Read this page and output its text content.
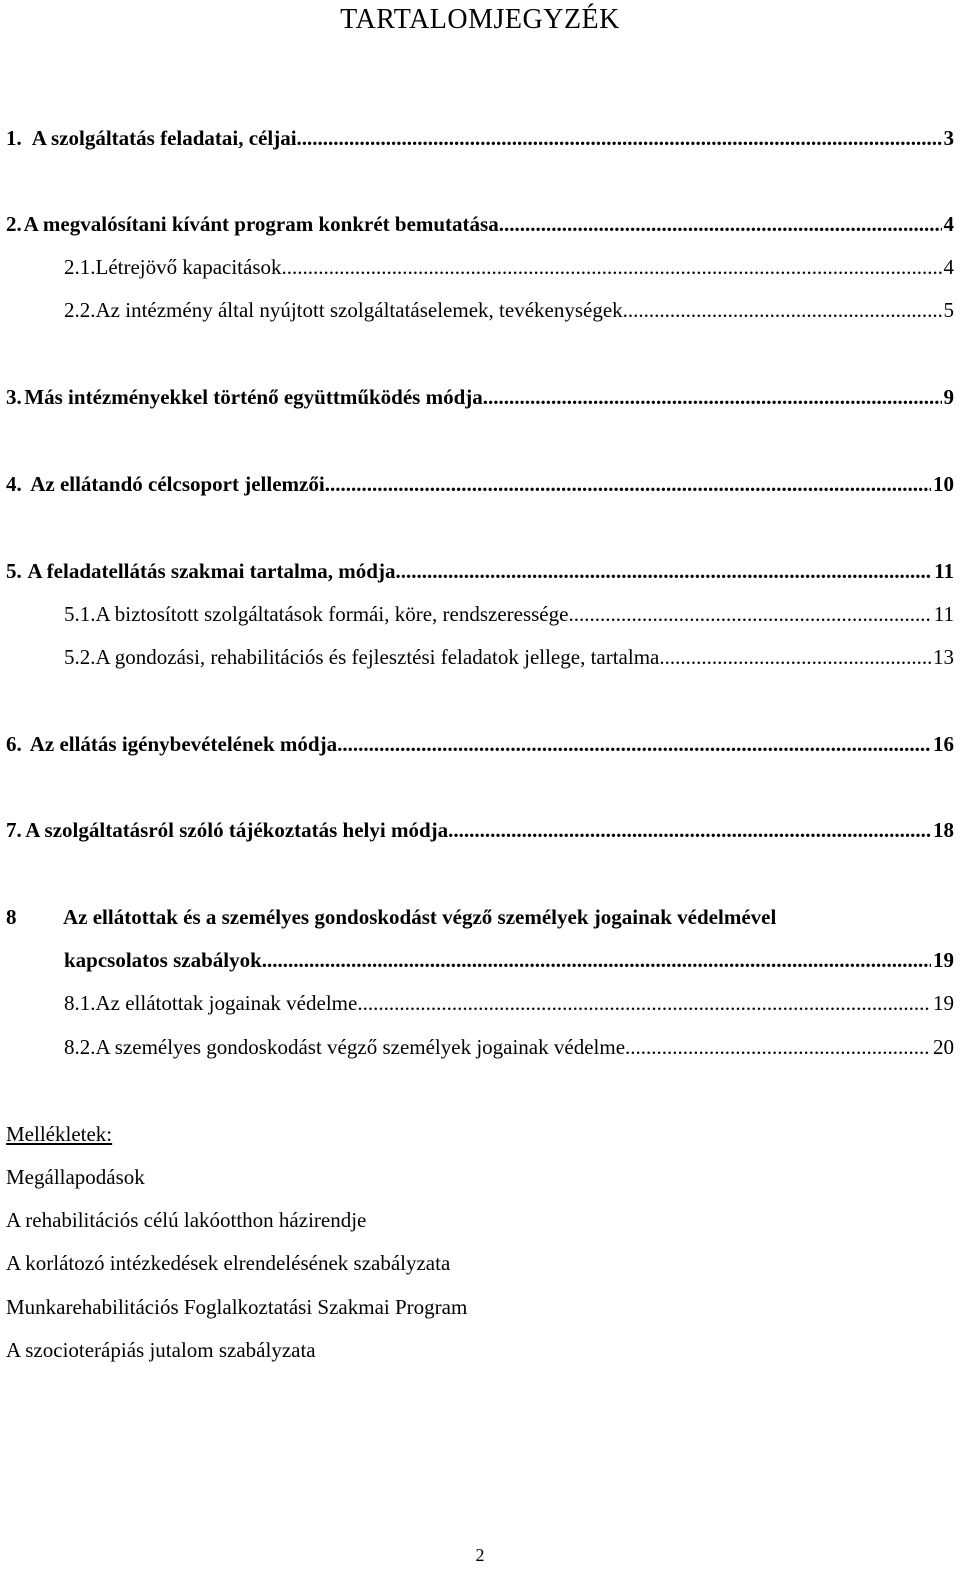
TARTALOMJEGYZÉK
1. A szolgáltatás feladatai, céljai .....	3
2. A megvalósítani kívánt program konkrét bemutatása .....	4
2.1. Létrejövő kapacitások .....	4
2.2. Az intézmény által nyújtott szolgáltatáselemek, tevékenységek .....	5
3. Más intézményekkel történő együttműködés módja .....	9
4. Az ellátandó célcsoport jellemzői .....	10
5. A feladatellátás szakmai tartalma, módja .....	11
5.1. A biztosított szolgáltatások formái, köre, rendszeressége .....	11
5.2. A gondozási, rehabilitációs és fejlesztési feladatok jellege, tartalma .....	13
6. Az ellátás igénybevételének módja .....	16
7. A szolgáltatásról szóló tájékoztatás helyi módja .....	18
8 Az ellátottak és a személyes gondoskodást végző személyek jogainak védelmével
kapcsolatos szabályok .....	19
8.1. Az ellátottak jogainak védelme .....	19
8.2. A személyes gondoskodást végző személyek jogainak védelme .....	20
Mellékletek:
Megállapodások
A rehabilitációs célú lakóotthon házirendje
A korlátozó intézkedések elrendelésének szabályzata
Munkarehabilitációs Foglalkoztatási Szakmai Program
A szocioterápiás jutalom szabályzata
2
